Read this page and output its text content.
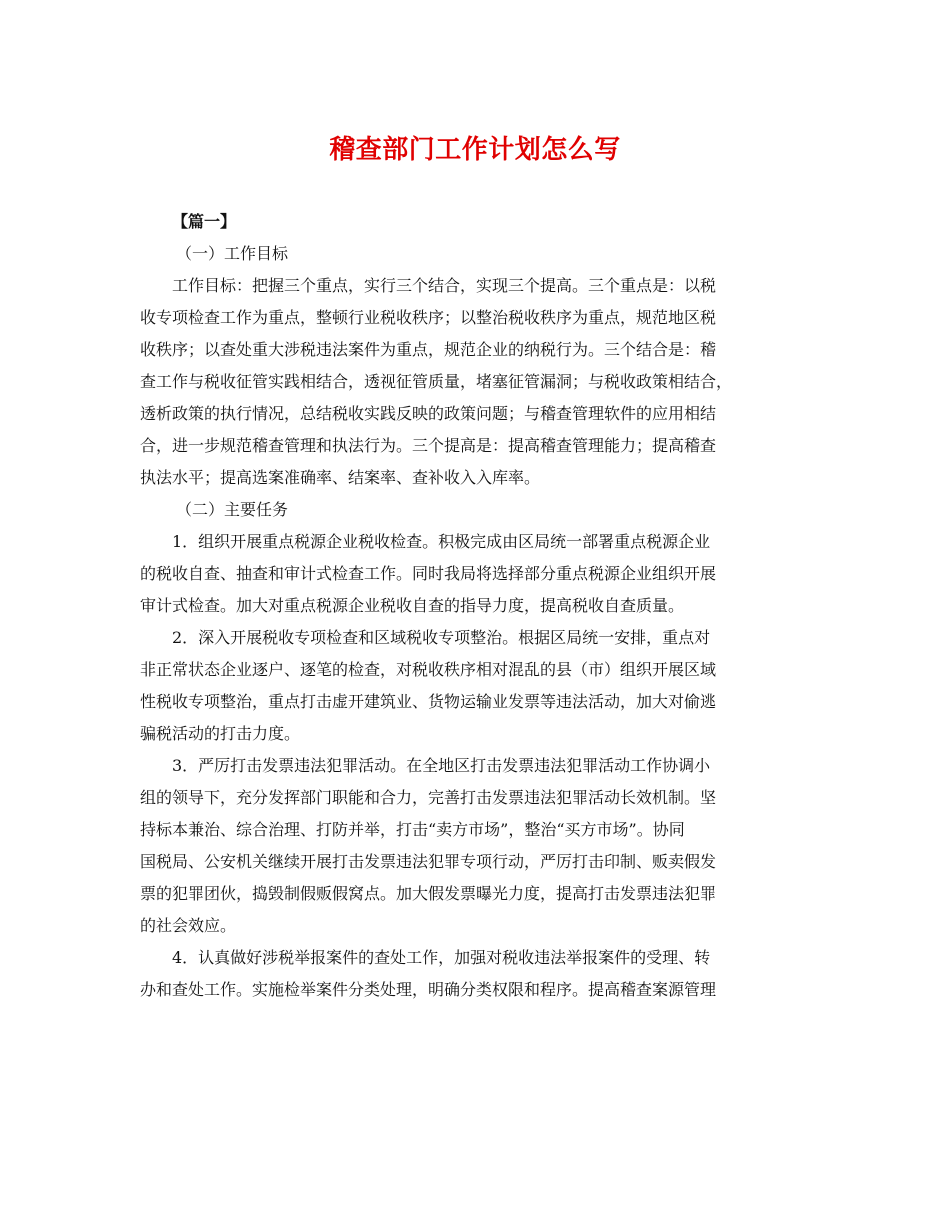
稽查部门工作计划怎么写
【篇一】
（一）工作目标
工作目标：把握三个重点，实行三个结合，实现三个提高。三个重点是：以税
收专项检查工作为重点，整顿行业税收秩序；以整治税收秩序为重点，规范地区税
收秩序；以查处重大涉税违法案件为重点，规范企业的纳税行为。三个结合是：稽
查工作与税收征管实践相结合，透视征管质量，堵塞征管漏洞；与税收政策相结合，
透析政策的执行情况，总结税收实践反映的政策问题；与稽查管理软件的应用相结
合，进一步规范稽查管理和执法行为。三个提高是：提高稽查管理能力；提高稽查
执法水平；提高选案准确率、结案率、查补收入入库率。
（二）主要任务
1．组织开展重点税源企业税收检查。积极完成由区局统一部署重点税源企业
的税收自查、抽查和审计式检查工作。同时我局将选择部分重点税源企业组织开展
审计式检查。加大对重点税源企业税收自查的指导力度，提高税收自查质量。
2．深入开展税收专项检查和区域税收专项整治。根据区局统一安排，重点对
非正常状态企业逐户、逐笔的检查，对税收秩序相对混乱的县（市）组织开展区域
性税收专项整治，重点打击虚开建筑业、货物运输业发票等违法活动，加大对偷逃
骗税活动的打击力度。
3．严厉打击发票违法犯罪活动。在全地区打击发票违法犯罪活动工作协调小
组的领导下，充分发挥部门职能和合力，完善打击发票违法犯罪活动长效机制。坚
持标本兼治、综合治理、打防并举，打击“卖方市场”，整治“买方市场”。协同
国税局、公安机关继续开展打击发票违法犯罪专项行动，严厉打击印制、贩卖假发
票的犯罪团伙，捣毁制假贩假窝点。加大假发票曝光力度，提高打击发票违法犯罪
的社会效应。
4．认真做好涉税举报案件的查处工作，加强对税收违法举报案件的受理、转
办和查处工作。实施检举案件分类处理，明确分类权限和程序。提高稽查案源管理
